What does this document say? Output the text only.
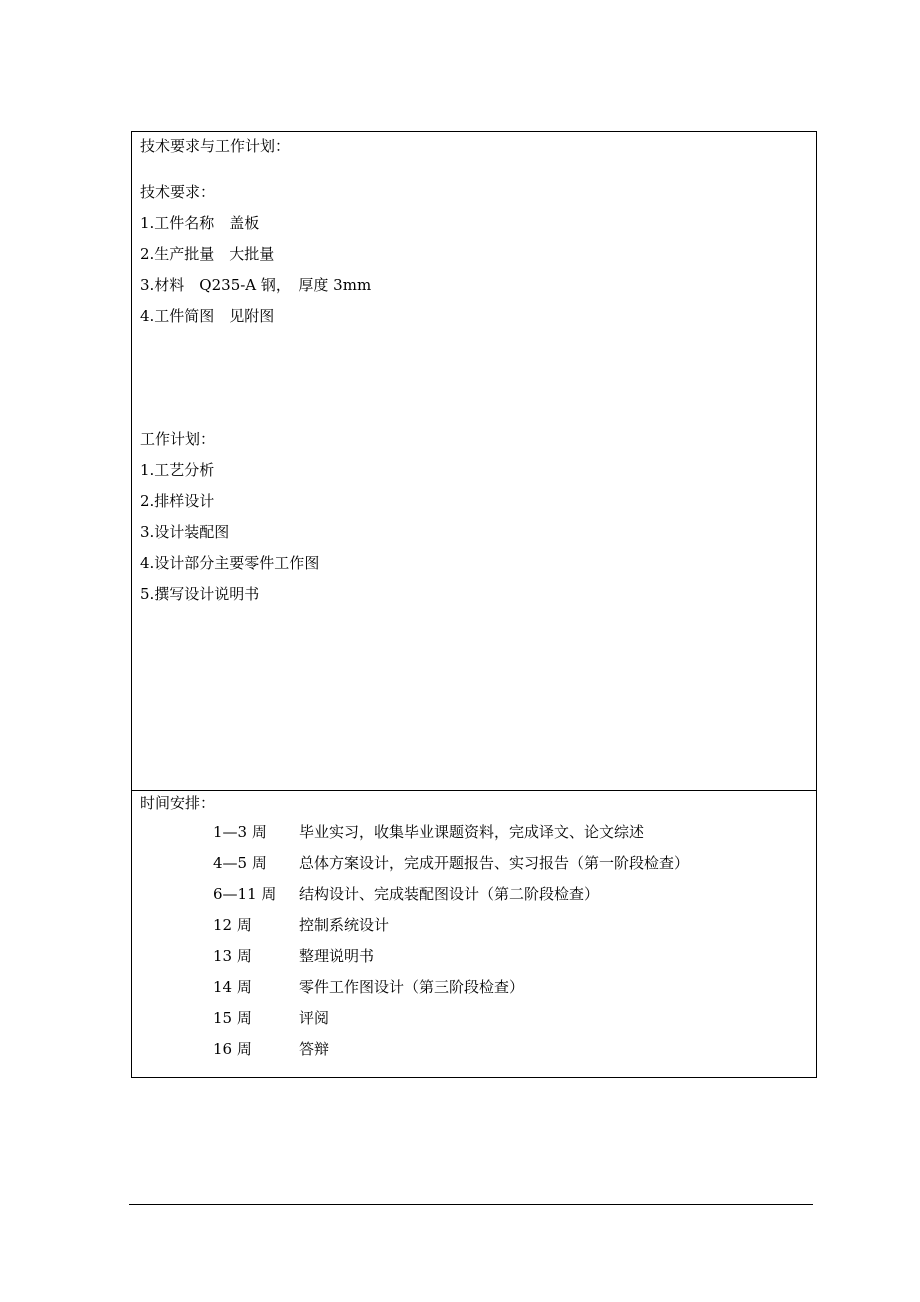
技术要求与工作计划：
技术要求：
1.工件名称　盖板
2.生产批量　大批量
3.材料　Q235-A 钢，　厚度 3mm
4.工件简图　见附图
工作计划：
1.工艺分析
2.排样设计
3.设计装配图
4.设计部分主要零件工作图
5.撰写设计说明书
时间安排：
1—3 周 毕业实习，收集毕业课题资料，完成译文、论文综述
4—5 周 总体方案设计，完成开题报告、实习报告（第一阶段检查）
6—11 周 结构设计、完成装配图设计（第二阶段检查）
12 周	控制系统设计
13 周	整理说明书
14 周	零件工作图设计（第三阶段检查）
15 周	评阅
16 周	答辩
